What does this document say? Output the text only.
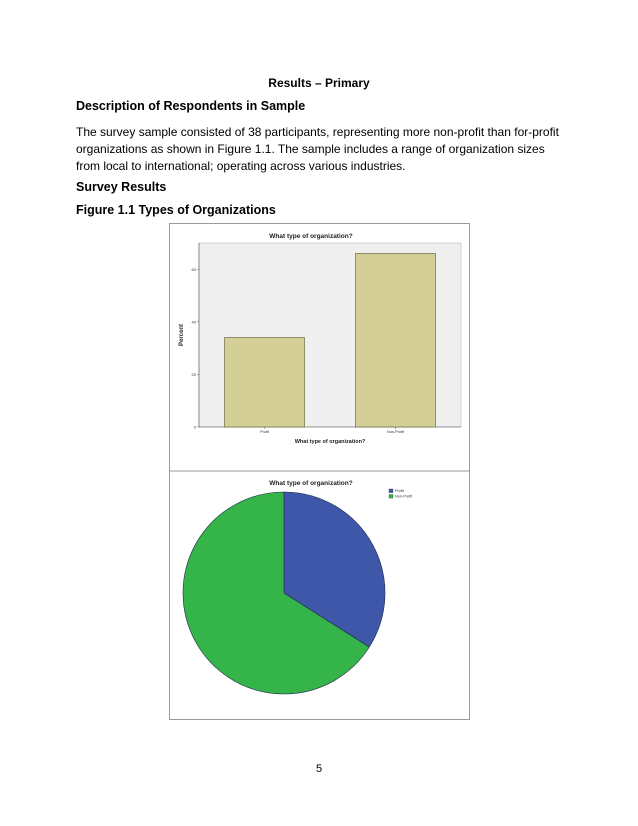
Results – Primary
Description of Respondents in Sample

The survey sample consisted of 38 participants, representing more non-profit than for-profit organizations as shown in Figure 1.1. The sample includes a range of organization sizes from local to international; operating across various industries.

Survey Results
Figure 1.1 Types of Organizations
What type of organization?
0
20
40
60
Profit	Non-Profit
Percent
What type of organization?
What type of organization?
Profit
Non-Profit
5
